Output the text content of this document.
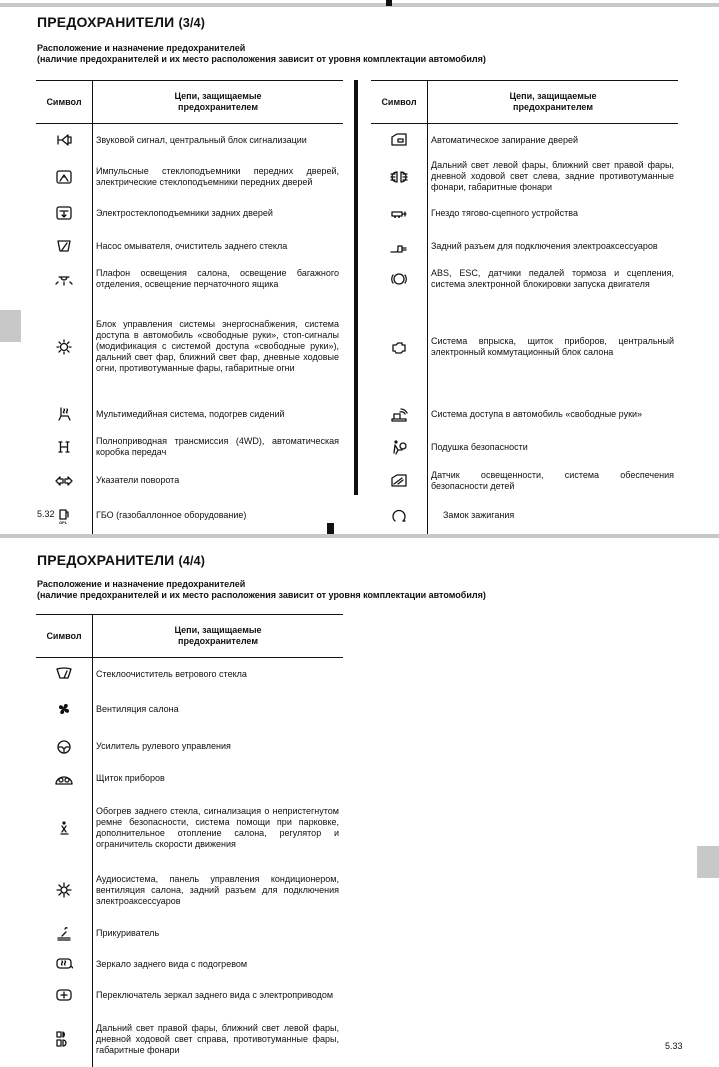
ПРЕДОХРАНИТЕЛИ (3/4)
Расположение и назначение предохранителей
(наличие предохранителей и их место расположения зависит от уровня комплектации автомобиля)
Символ	Цепи, защищаемые предохранителем

	Звуковой сигнал, центральный блок сигнализации

	Импульсные стеклоподъемники передних дверей, электрические стеклоподъемники передних дверей

	Электростеклоподъемники задних дверей

	Насос омывателя, очиститель заднего стекла

	Плафон освещения салона, освещение багажного отделения, освещение перчаточного ящика

	Блок управления системы энергоснабжения, система доступа в автомобиль «свободные руки», стоп-сигналы (модификация с системой доступа «свободные руки»), дальний свет фар, ближний свет фар, дневные ходовые огни, противотуманные фары, габаритные огни

	Мультимедийная система, подогрев сидений

	Полноприводная трансмиссия (4WD), автоматическая коробка передач

	Указатели поворота

GPL	ГБО (газобаллонное оборудование)
Символ	Цепи, защищаемые предохранителем

	Автоматическое запирание дверей

	Дальний свет левой фары, ближний свет правой фары, дневной ходовой свет слева, задние противотуманные фонари, габаритные фонари

	Гнездо тягово-сцепного устройства

	Задний разъем для подключения электроаксессуаров

	ABS, ESC, датчики педалей тормоза и сцепления, система электронной блокировки запуска двигателя

	Система впрыска, щиток приборов, центральный электронный коммутационный блок салона

	Система доступа в автомобиль «свободные руки»

	Подушка безопасности

	Датчик освещенности, система обеспечения безопасности детей

	Замок зажигания
5.32
ПРЕДОХРАНИТЕЛИ (4/4)
Расположение и назначение предохранителей
(наличие предохранителей и их место расположения зависит от уровня комплектации автомобиля)
Символ	Цепи, защищаемые предохранителем

	Стеклоочиститель ветрового стекла

	Вентиляция салона

	Усилитель рулевого управления

	Щиток приборов

	Обогрев заднего стекла, сигнализация о непристегнутом ремне безопасности, система помощи при парковке, дополнительное отопление салона, регулятор и ограничитель скорости движения

	Аудиосистема, панель управления кондиционером, вентиляция салона, задний разъем для подключения электроаксессуаров

	Прикуриватель

	Зеркало заднего вида с подогревом

	Переключатель зеркал заднего вида с электроприводом

	Дальний свет правой фары, ближний свет левой фары, дневной ходовой свет справа, противотуманные фары, габаритные фонари	5.33
